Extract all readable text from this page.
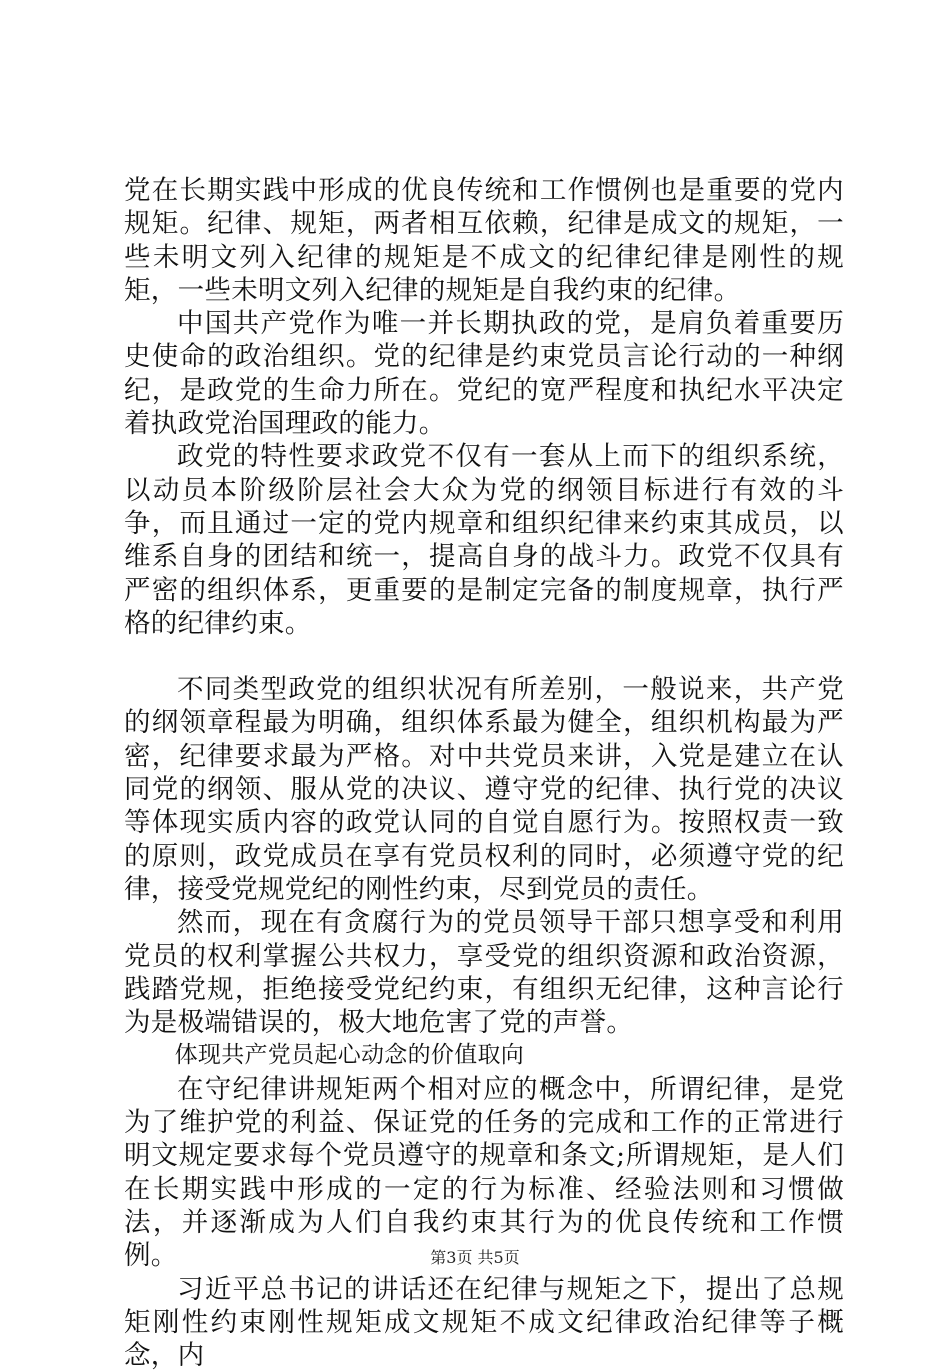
党在长期实践中形成的优良传统和工作惯例也是重要的党内规矩。纪律、规矩，两者相互依赖，纪律是成文的规矩，一些未明文列入纪律的规矩是不成文的纪律纪律是刚性的规矩，一些未明文列入纪律的规矩是自我约束的纪律。

中国共产党作为唯一并长期执政的党，是肩负着重要历史使命的政治组织。党的纪律是约束党员言论行动的一种纲纪，是政党的生命力所在。党纪的宽严程度和执纪水平决定着执政党治国理政的能力。

政党的特性要求政党不仅有一套从上而下的组织系统，以动员本阶级阶层社会大众为党的纲领目标进行有效的斗争，而且通过一定的党内规章和组织纪律来约束其成员，以维系自身的团结和统一，提高自身的战斗力。政党不仅具有严密的组织体系，更重要的是制定完备的制度规章，执行严格的纪律约束。

不同类型政党的组织状况有所差别，一般说来，共产党的纲领章程最为明确，组织体系最为健全，组织机构最为严密，纪律要求最为严格。对中共党员来讲，入党是建立在认同党的纲领、服从党的决议、遵守党的纪律、执行党的决议等体现实质内容的政党认同的自觉自愿行为。按照权责一致的原则，政党成员在享有党员权利的同时，必须遵守党的纪律，接受党规党纪的刚性约束，尽到党员的责任。

然而，现在有贪腐行为的党员领导干部只想享受和利用党员的权利掌握公共权力，享受党的组织资源和政治资源，践踏党规，拒绝接受党纪约束，有组织无纪律，这种言论行为是极端错误的，极大地危害了党的声誉。

体现共产党员起心动念的价值取向

在守纪律讲规矩两个相对应的概念中，所谓纪律，是党为了维护党的利益、保证党的任务的完成和工作的正常进行明文规定要求每个党员遵守的规章和条文;所谓规矩，是人们在长期实践中形成的一定的行为标准、经验法则和习惯做法，并逐渐成为人们自我约束其行为的优良传统和工作惯例。

习近平总书记的讲话还在纪律与规矩之下，提出了总规矩刚性约束刚性规矩成文规矩不成文纪律政治纪律等子概念，内

第3页 共5页
